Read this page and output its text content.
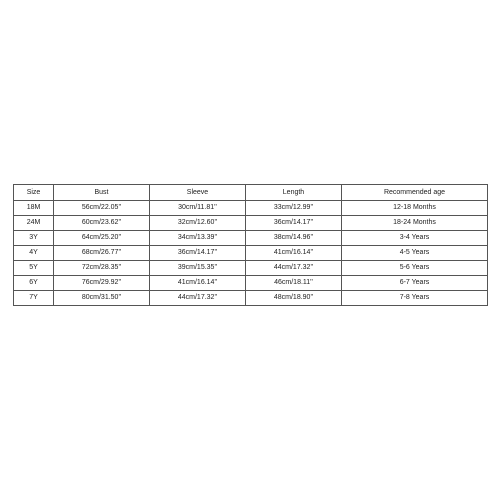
Size	Bust	Sleeve	Length	Recommended age
18M	56cm/22.05''	30cm/11.81''	33cm/12.99''	12-18 Months
24M	60cm/23.62''	32cm/12.60''	36cm/14.17''	18-24 Months
3Y	64cm/25.20''	34cm/13.39''	38cm/14.96''	3-4 Years
4Y	68cm/26.77''	36cm/14.17''	41cm/16.14''	4-5 Years
5Y	72cm/28.35''	39cm/15.35''	44cm/17.32''	5-6 Years
6Y	76cm/29.92''	41cm/16.14''	46cm/18.11''	6-7 Years
7Y	80cm/31.50''	44cm/17.32''	48cm/18.90''	7-8 Years
